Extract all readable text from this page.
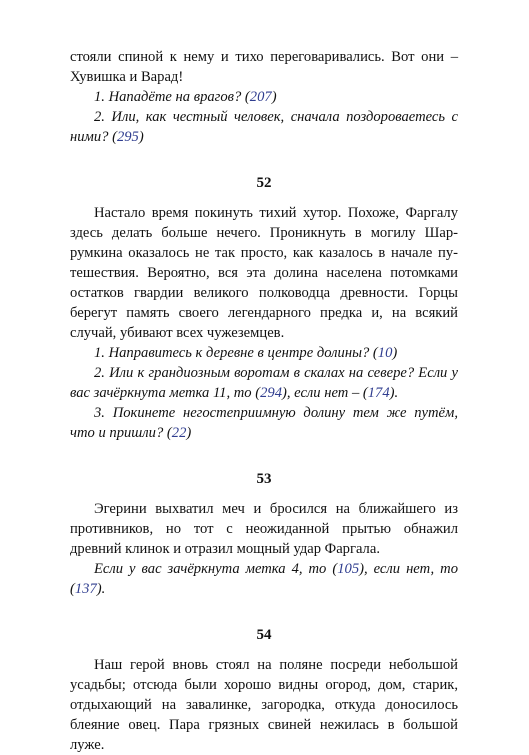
стояли спиной к нему и тихо переговаривались. Вот они – Хувишка и Варад!

1. Нападёте на врагов? (207)

2. Или, как честный человек, сначала поздороваетесь с ними? (295)

52

Настало время покинуть тихий хутор. Похоже, Фаргалу здесь делать больше нечего. Проникнуть в могилу Шаррумкина оказалось не так просто, как казалось в начале путешествия. Вероятно, вся эта долина населена потомками остатков гвардии великого полководца древности. Горцы берегут память своего легендарного предка и, на всякий случай, убивают всех чужеземцев.

1. Направитесь к деревне в центре долины? (10)

2. Или к грандиозным воротам в скалах на севере? Если у вас зачёркнута метка 11, то (294), если нет – (174).

3. Покинете негостеприимную долину тем же путём, что и пришли? (22)

53

Эгерини выхватил меч и бросился на ближайшего из противников, но тот с неожиданной прытью обнажил древний клинок и отразил мощный удар Фаргала.

Если у вас зачёркнута метка 4, то (105), если нет, то (137).

54

Наш герой вновь стоял на поляне посреди небольшой усадьбы; отсюда были хорошо видны огород, дом, старик, отдыхающий на завалинке, загородка, откуда доносилось блеяние овец. Пара грязных свиней нежилась в большой луже.
